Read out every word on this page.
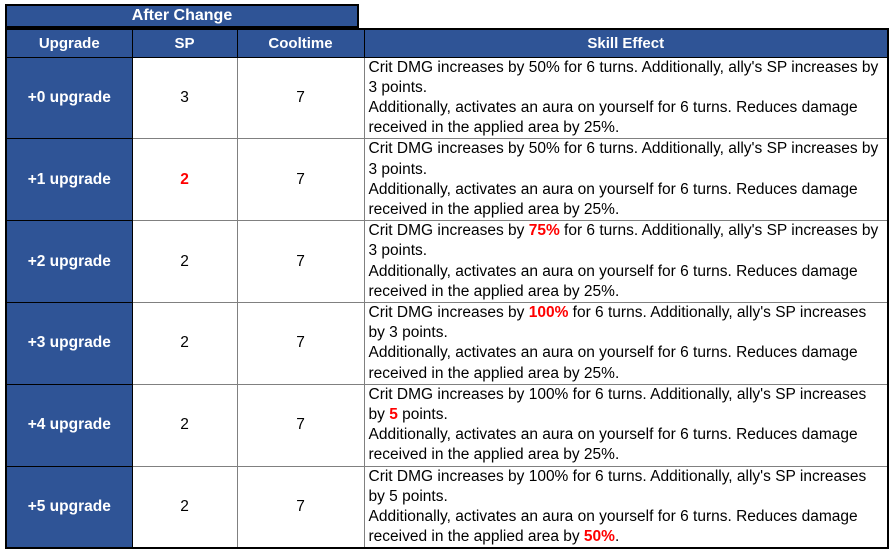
After Change
Upgrade	SP	Cooltime	Skill Effect
+0 upgrade	3	7	Crit DMG increases by 50% for 6 turns. Additionally, ally's SP increases by 3 points.
Additionally, activates an aura on yourself for 6 turns. Reduces damage received in the applied area by 25%.
+1 upgrade	2	7	Crit DMG increases by 50% for 6 turns. Additionally, ally's SP increases by 3 points.
Additionally, activates an aura on yourself for 6 turns. Reduces damage received in the applied area by 25%.
+2 upgrade	2	7	Crit DMG increases by 75% for 6 turns. Additionally, ally's SP increases by 3 points.
Additionally, activates an aura on yourself for 6 turns. Reduces damage received in the applied area by 25%.
+3 upgrade	2	7	Crit DMG increases by 100% for 6 turns. Additionally, ally's SP increases by 3 points.
Additionally, activates an aura on yourself for 6 turns. Reduces damage received in the applied area by 25%.
+4 upgrade	2	7	Crit DMG increases by 100% for 6 turns. Additionally, ally's SP increases by 5 points.
Additionally, activates an aura on yourself for 6 turns. Reduces damage received in the applied area by 25%.
+5 upgrade	2	7	Crit DMG increases by 100% for 6 turns. Additionally, ally's SP increases by 5 points.
Additionally, activates an aura on yourself for 6 turns. Reduces damage received in the applied area by 50%.
